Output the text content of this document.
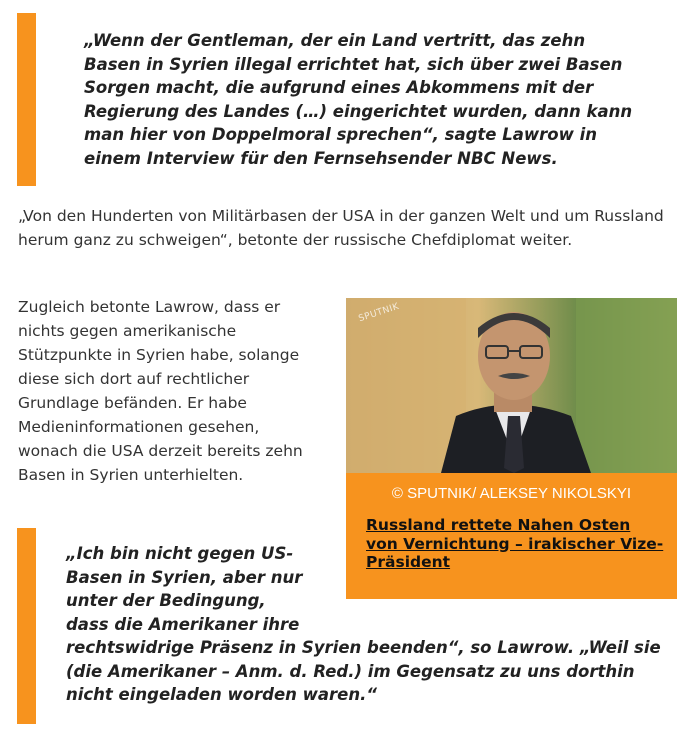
„Wenn der Gentleman, der ein Land vertritt, das zehn Basen in Syrien illegal errichtet hat, sich über zwei Basen Sorgen macht, die aufgrund eines Abkommens mit der Regierung des Landes (…) eingerichtet wurden, dann kann man hier von Doppelmoral sprechen“, sagte Lawrow in einem Interview für den Fernsehsender NBC News.
„Von den Hunderten von Militärbasen der USA in der ganzen Welt und um Russland herum ganz zu schweigen“, betonte der russische Chefdiplomat weiter.
Zugleich betonte Lawrow, dass er nichts gegen amerikanische Stützpunkte in Syrien habe, solange diese sich dort auf rechtlicher Grundlage befänden. Er habe Medieninformationen gesehen, wonach die USA derzeit bereits zehn Basen in Syrien unterhielten.
SPUTNIK
© SPUTNIK/ ALEKSEY NIKOLSKYI
Russland rettete Nahen Osten von Vernichtung – irakischer Vize-Präsident
„Ich bin nicht gegen US-Basen in Syrien, aber nur unter der Bedingung, dass die Amerikaner ihre
rechtswidrige Präsenz in Syrien beenden“, so Lawrow. „Weil sie
(die Amerikaner – Anm. d. Red.) im Gegensatz zu uns dorthin
nicht eingeladen worden waren.“
